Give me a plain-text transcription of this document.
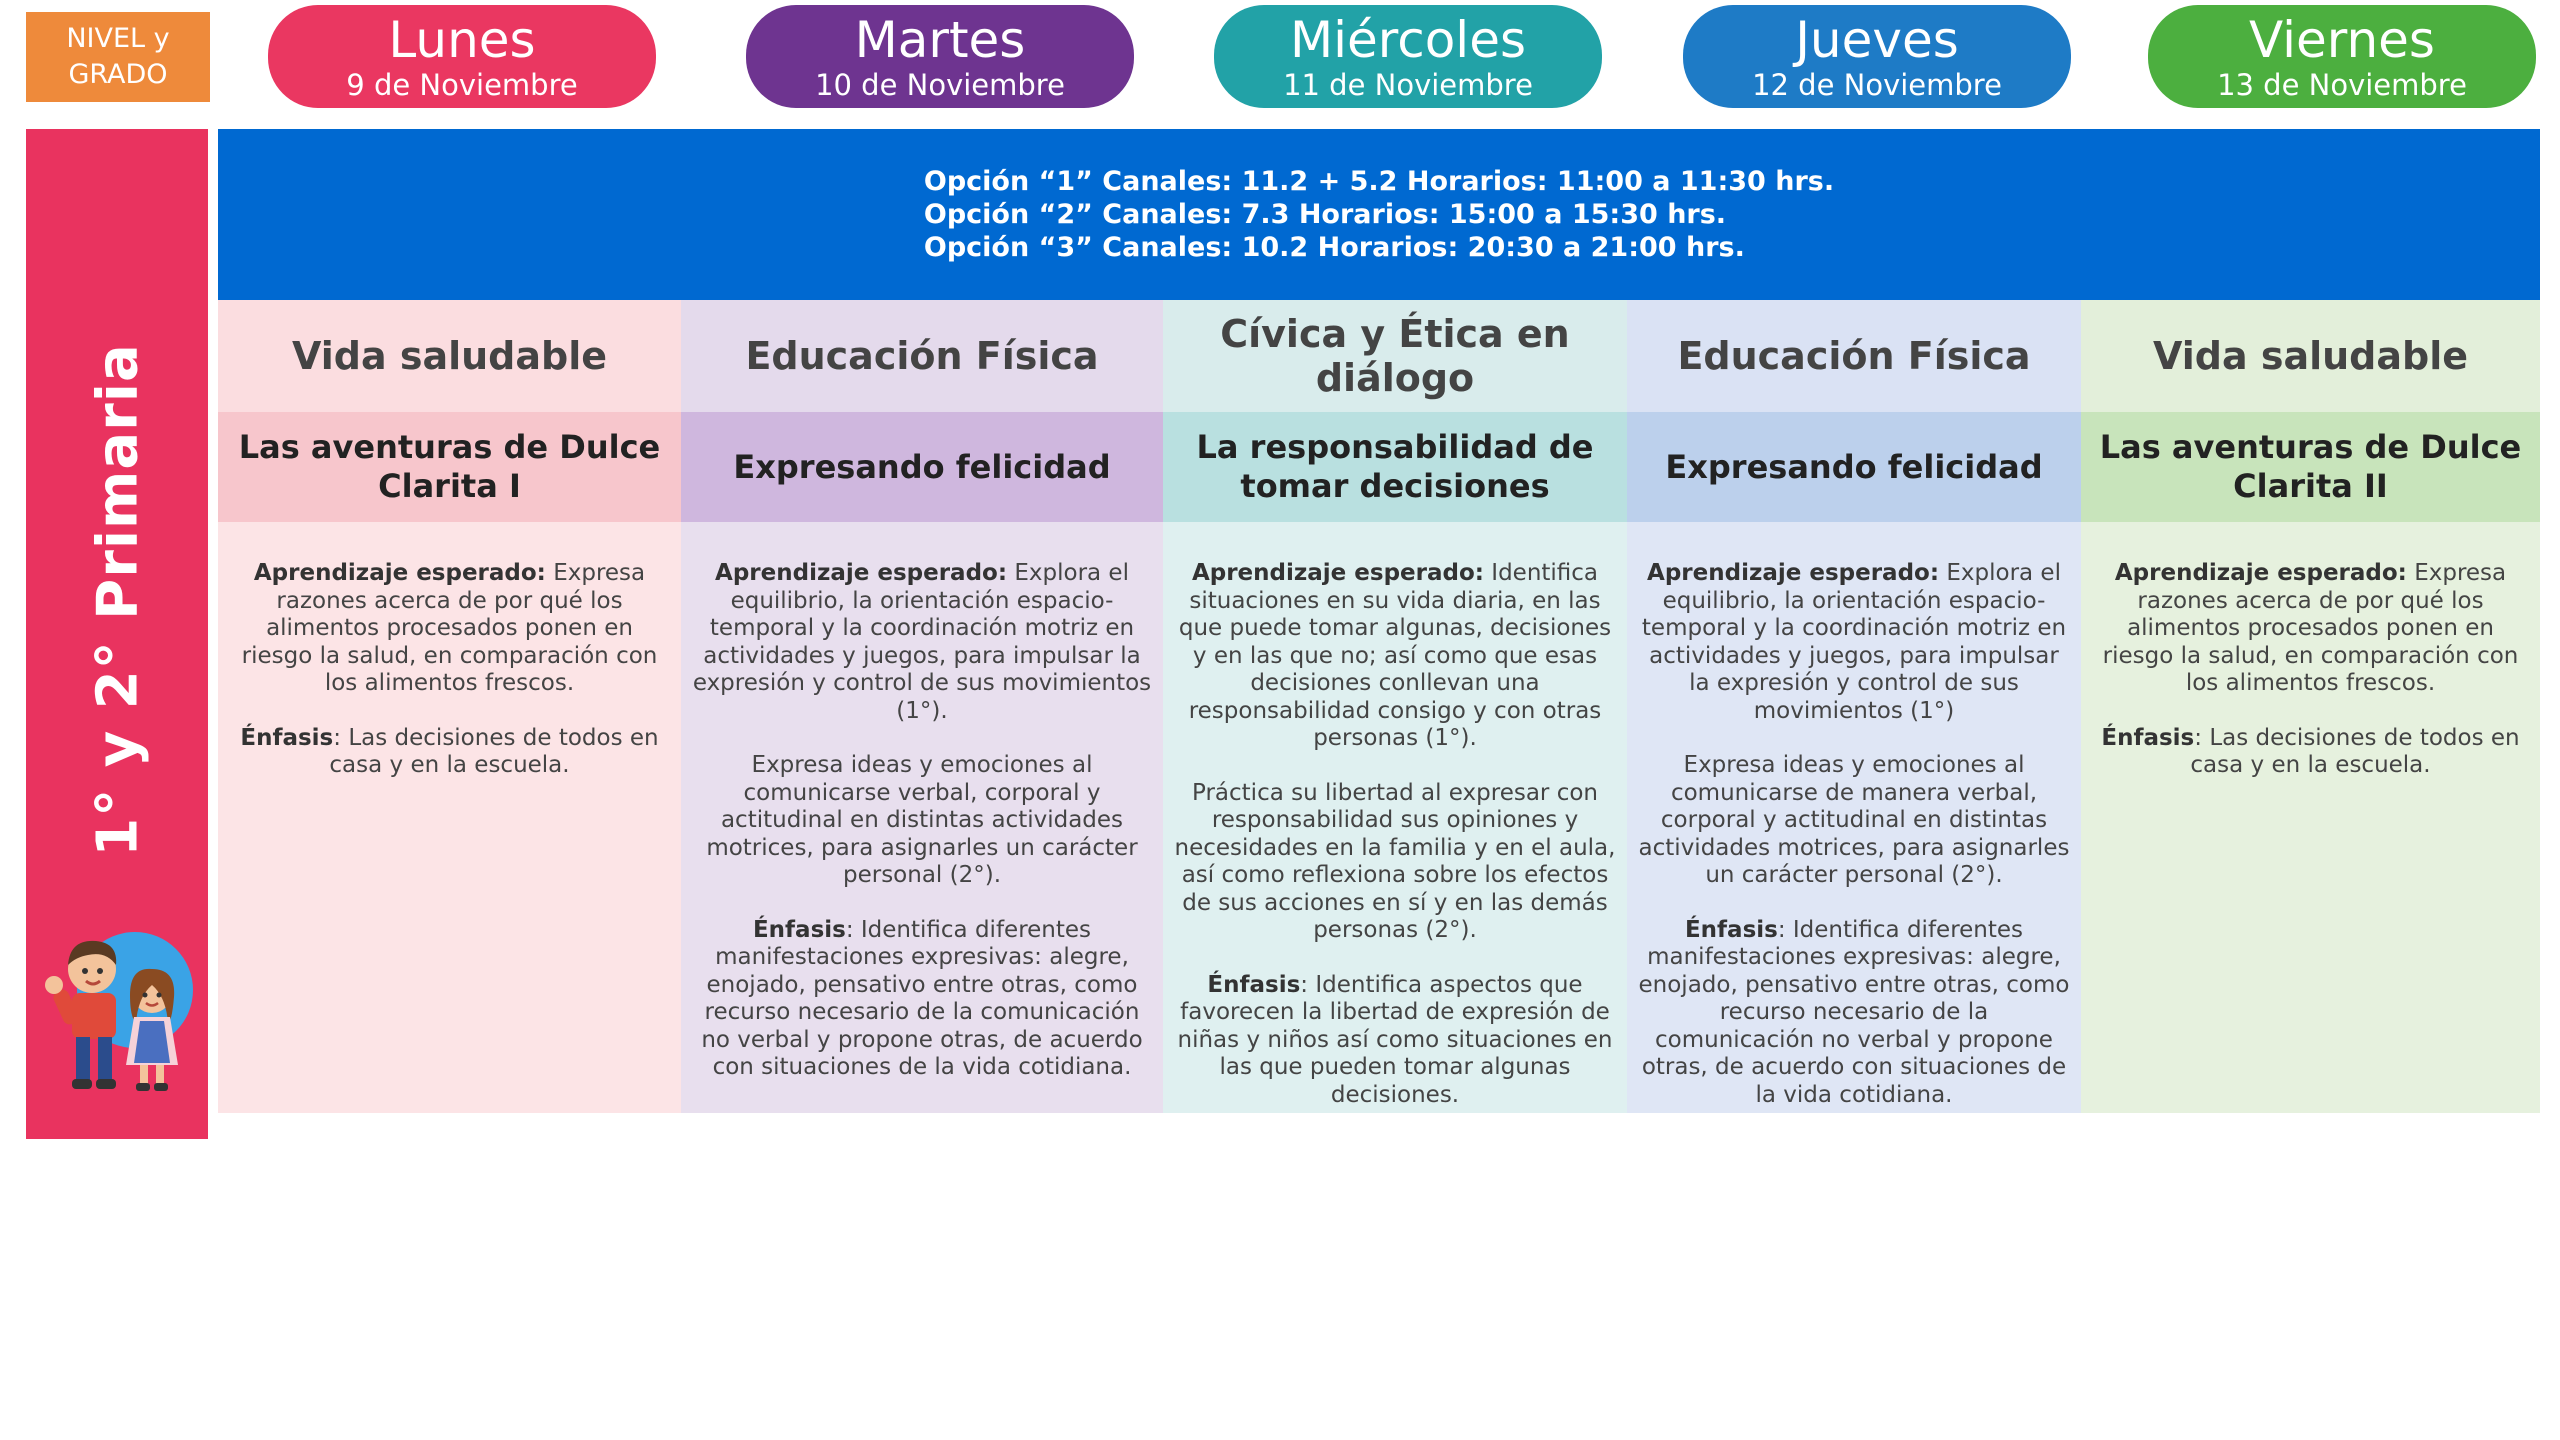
NIVEL y
GRADO
Lunes
9 de Noviembre
Martes
10 de Noviembre
Miércoles
11 de Noviembre
Jueves
12 de Noviembre
Viernes
13 de Noviembre
1° y 2° Primaria
Opción “1” Canales: 11.2 + 5.2 Horarios: 11:00 a 11:30 hrs.
Opción “2” Canales: 7.3 Horarios: 15:00 a 15:30 hrs.
Opción “3” Canales: 10.2 Horarios: 20:30 a 21:00 hrs.
Vida saludable
Las aventuras de Dulce Clarita I

Aprendizaje esperado: Expresa razones acerca de por qué los alimentos procesados ponen en riesgo la salud, en comparación con los alimentos frescos.

Énfasis: Las decisiones de todos en casa y en la escuela.

Educación Física
Expresando felicidad

Aprendizaje esperado: Explora el equilibrio, la orientación espacio-temporal y la coordinación motriz en actividades y juegos, para impulsar la expresión y control de sus movimientos (1°).

Expresa ideas y emociones al comunicarse verbal, corporal y actitudinal en distintas actividades motrices, para asignarles un carácter personal (2°).

Énfasis: Identifica diferentes manifestaciones expresivas: alegre, enojado, pensativo entre otras, como recurso necesario de la comunicación no verbal y propone otras, de acuerdo con situaciones de la vida cotidiana.

Cívica y Ética en diálogo
La responsabilidad de tomar decisiones

Aprendizaje esperado: Identifica situaciones en su vida diaria, en las que puede tomar algunas, decisiones y en las que no; así como que esas decisiones conllevan una responsabilidad consigo y con otras personas (1°).

Práctica su libertad al expresar con responsabilidad sus opiniones y necesidades en la familia y en el aula, así como reflexiona sobre los efectos de sus acciones en sí y en las demás personas (2°).

Énfasis: Identifica aspectos que favorecen la libertad de expresión de niñas y niños así como situaciones en las que pueden tomar algunas decisiones.

Educación Física
Expresando felicidad

Aprendizaje esperado: Explora el equilibrio, la orientación espacio-temporal y la coordinación motriz en actividades y juegos, para impulsar la expresión y control de sus movimientos (1°)

Expresa ideas y emociones al comunicarse de manera verbal, corporal y actitudinal en distintas actividades motrices, para asignarles un carácter personal (2°).

Énfasis: Identifica diferentes manifestaciones expresivas: alegre, enojado, pensativo entre otras, como recurso necesario de la comunicación no verbal y propone otras, de acuerdo con situaciones de la vida cotidiana.

Vida saludable
Las aventuras de Dulce Clarita II

Aprendizaje esperado: Expresa razones acerca de por qué los alimentos procesados ponen en riesgo la salud, en comparación con los alimentos frescos.

Énfasis: Las decisiones de todos en casa y en la escuela.
